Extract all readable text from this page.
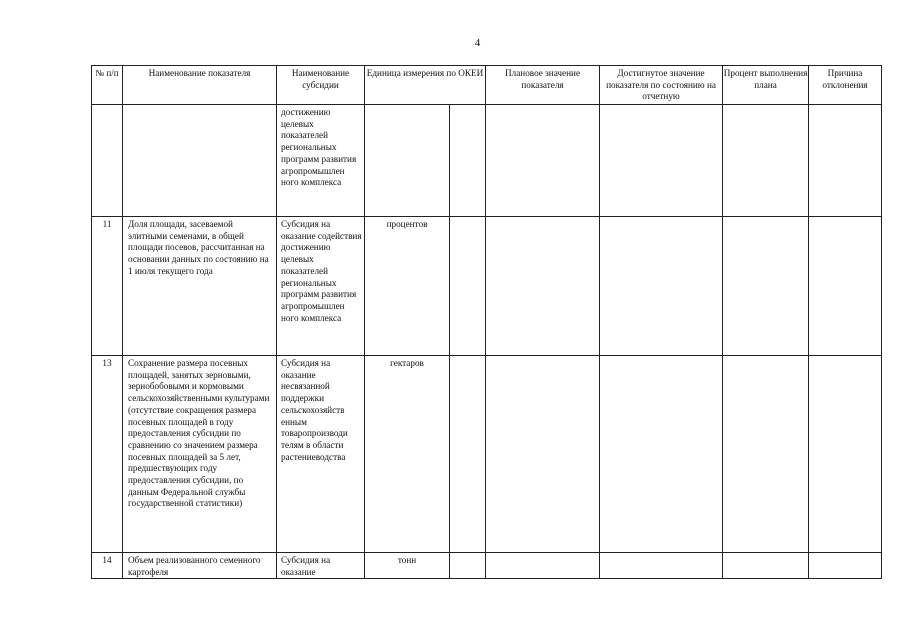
4
№ п/п	Наименование показателя	Наименование субсидии	Единица измерения по ОКЕИ		Плановое значение показателя	Достигнутое значение показателя по состоянию на отчетную	Процент выполнения плана	Причина отклонения
		достижению целевых показателей региональных программ развития агропромышлен ного комплекса						
11	Доля площади, засеваемой элитными семенами, в общей площади посевов, рассчитанная на основании данных по состоянию на 1 июля текущего года	Субсидия на оказание содействия достижению целевых показателей региональных программ развития агропромышлен ного комплекса	процентов					
13	Сохранение размера посевных площадей, занятых зерновыми, зернобобовыми и кормовыми сельскохозяйственными культурами (отсутствие сокращения размера посевных площадей в году предоставления субсидии по сравнению со значением размера посевных площадей за 5 лет, предшествующих году предоставления субсидии, по данным Федеральной службы государственной статистики)	Субсидия на оказание несвязанной поддержки сельскохозяйств енным товаропроизводи телям в области растениеводства	гектаров					
14	Объем реализованного семенного картофеля	Субсидия на оказание	тонн					
